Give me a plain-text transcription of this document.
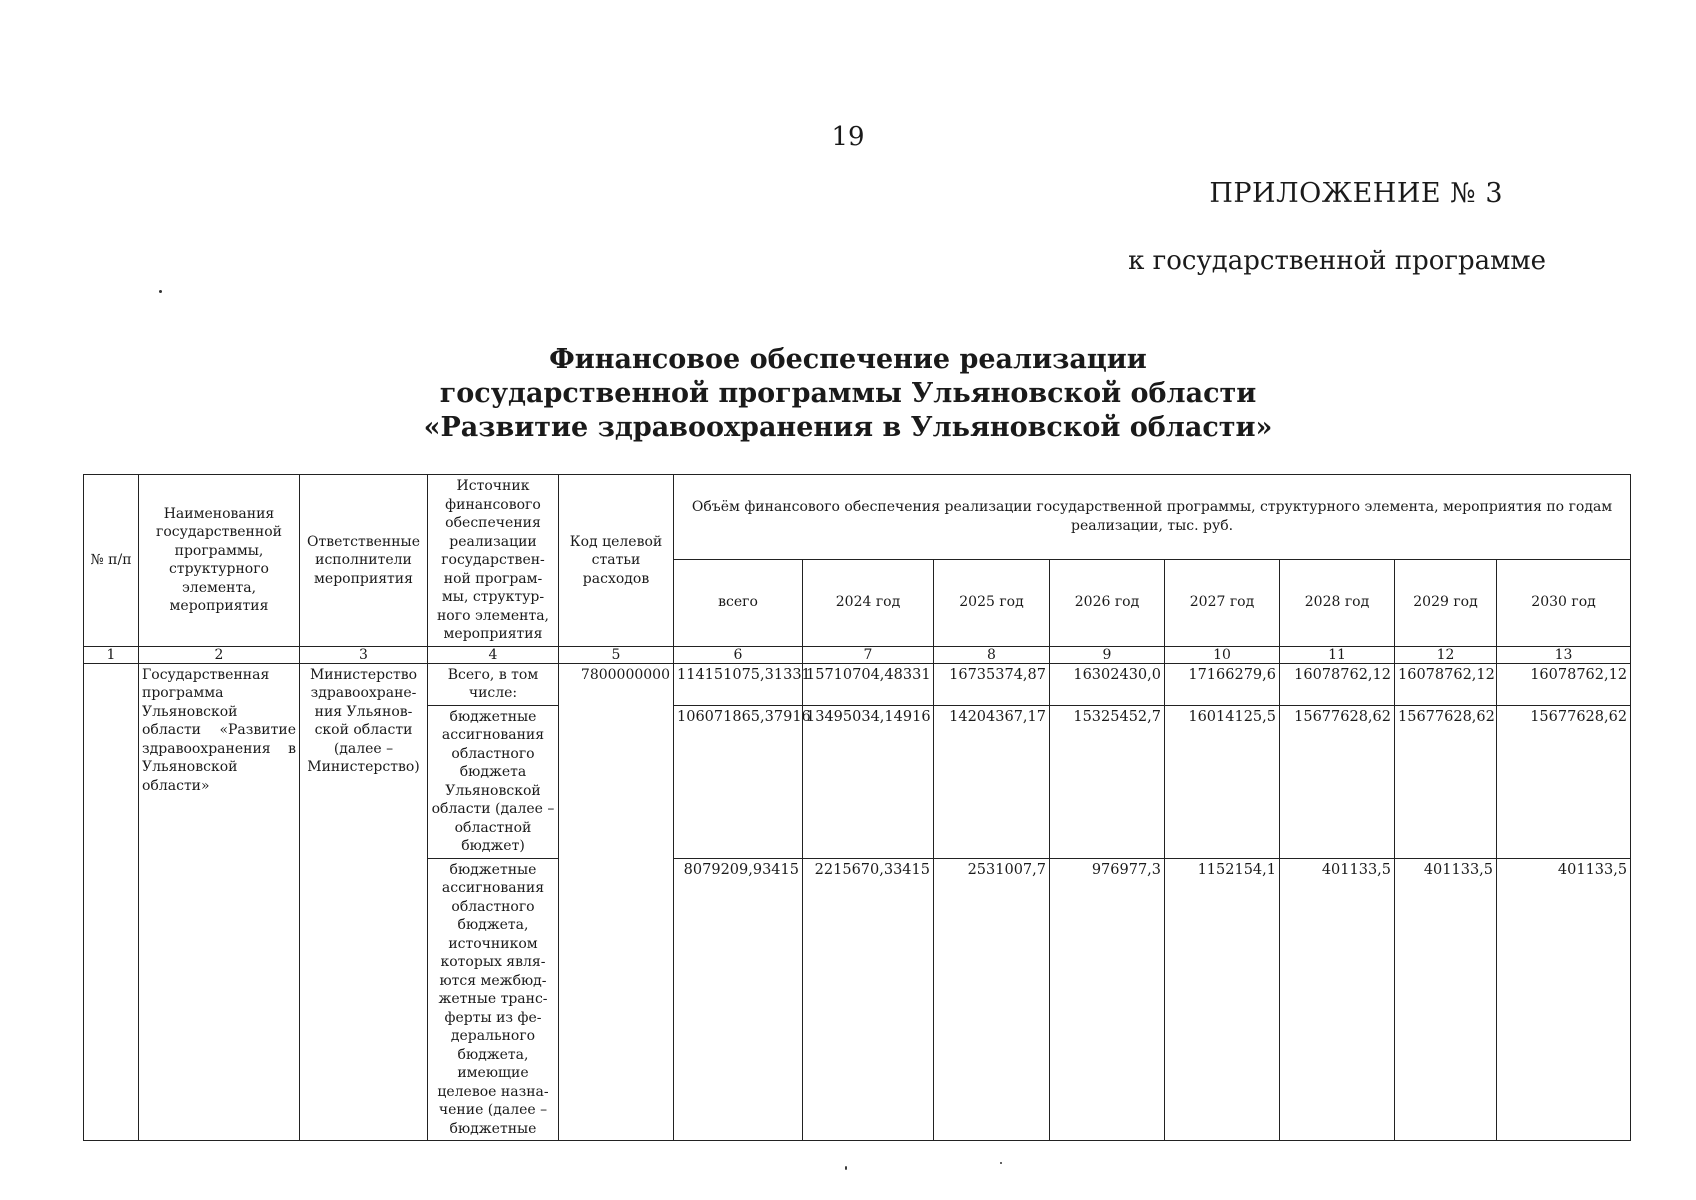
19
ПРИЛОЖЕНИЕ № 3
к государственной программе
Финансовое обеспечение реализации
государственной программы Ульяновской области
«Развитие здравоохранения в Ульяновской области»
№ п/п	Наименования государственной программы, структурного элемента, мероприятия	Ответственные исполнители мероприятия	Источник финансового обеспечения реализации государствен-ной програм-мы, структур-ного элемента, мероприятия	Код целевой статьи расходов	Объём финансового обеспечения реализации государственной программы, структурного элемента, мероприятия по годам реализации, тыс. руб.							
					всего	2024 год	2025 год	2026 год	2027 год	2028 год	2029 год	2030 год
1	2	3	4	5	6	7	8	9	10	11	12	13
	Государственная программа Ульяновской области «Развитие здравоохранения в Ульяновской области»	Министерство здравоохране-ния Ульянов-ской области (далее – Министерство)	Всего, в том числе:	7800000000	114151075,31331	15710704,48331	16735374,87	16302430,0	17166279,6	16078762,12	16078762,12	16078762,12
			бюджетные ассигнования областного бюджета Ульяновской области (далее – областной бюджет)		106071865,37916	13495034,14916	14204367,17	15325452,7	16014125,5	15677628,62	15677628,62	15677628,62
			бюджетные ассигнования областного бюджета, источником которых явля-ются межбюд-жетные транс-ферты из фе-дерального бюджета, имеющие целевое назна-чение (далее – бюджетные		8079209,93415	2215670,33415	2531007,7	976977,3	1152154,1	401133,5	401133,5	401133,5
